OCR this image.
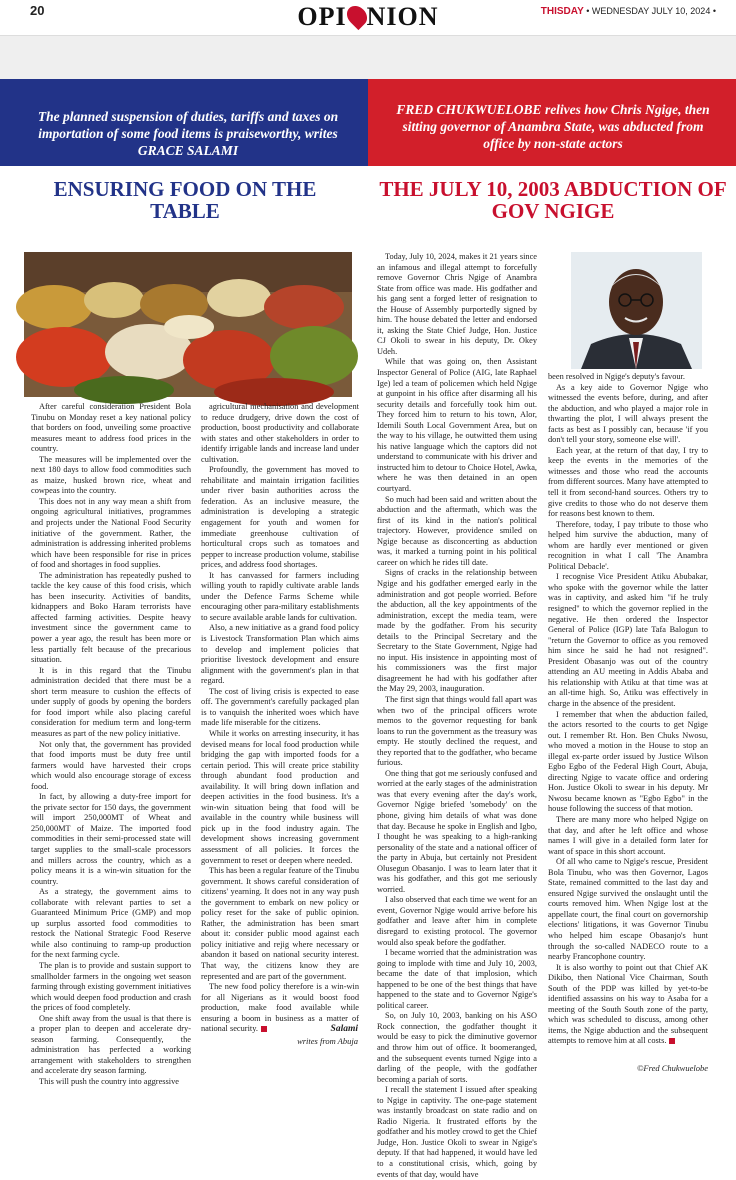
20	OPI NION	THISDAY • WEDNESDAY JULY 10, 2024 •
The planned suspension of duties, tariffs and taxes on importation of some food items is praiseworthy, writes GRACE SALAMI
FRED CHUKWUELOBE relives how Chris Ngige, then sitting governor of Anambra State, was abducted from office by non-state actors
ENSURING FOOD ON THE TABLE
THE JULY 10, 2003 ABDUCTION OF GOV NGIGE

After careful consideration President Bola Tinubu on Monday reset a key national policy that borders on food, unveiling some proactive measures meant to address food prices in the country.

The measures will be implemented over the next 180 days to allow food commodities such as maize, husked brown rice, wheat and cowpeas into the country.

This does not in any way mean a shift from ongoing agricultural initiatives, programmes and projects under the National Food Security initiative of the government. Rather, the administration is addressing inherited problems which have been responsible for rise in prices of food and shortages in food supplies.

The administration has repeatedly pushed to tackle the key cause of this food crisis, which has been insecurity. Activities of bandits, kidnappers and Boko Haram terrorists have affected farming activities. Despite heavy investment since the government came to power a year ago, the result has been more or less partially felt because of the precarious situation.

It is in this regard that the Tinubu administration decided that there must be a short term measure to cushion the effects of under supply of goods by opening the borders for food import while also placing careful consideration for medium term and long-term measures as part of the new policy initiative.

Not only that, the government has provided that food imports must be duty free until farmers would have harvested their crops which would also encourage storage of excess food.

In fact, by allowing a duty-free import for the private sector for 150 days, the government will import 250,000MT of Wheat and 250,000MT of Maize. The imported food commodities in their semi-processed state will target supplies to the small-scale processors and millers across the country, which as a policy means it is a win-win situation for the country.

As a strategy, the government aims to collaborate with relevant parties to set a Guaranteed Minimum Price (GMP) and mop up surplus assorted food commodities to restock the National Strategic Food Reserve while also continuing to ramp-up production for the next farming cycle.

The plan is to provide and sustain support to smallholder farmers in the ongoing wet season farming through existing government initiatives which would deepen food production and crash the prices of food completely.

One shift away from the usual is that there is a proper plan to deepen and accelerate dry-season farming. Consequently, the administration has perfected a working arrangement with stakeholders to strengthen and accelerate dry season farming.

This will push the country into aggressive

agricultural mechanisation and development to reduce drudgery, drive down the cost of production, boost productivity and collaborate with states and other stakeholders in order to identify irrigable lands and increase land under cultivation.

Profoundly, the government has moved to rehabilitate and maintain irrigation facilities under river basin authorities across the federation. As an inclusive measure, the administration is developing a strategic engagement for youth and women for immediate greenhouse cultivation of horticultural crops such as tomatoes and pepper to increase production volume, stabilise prices, and address food shortages.

It has canvassed for farmers including willing youth to rapidly cultivate arable lands under the Defence Farms Scheme while encouraging other para-military establishments to secure available arable lands for cultivation.

Also, a new initiative as a grand food policy is Livestock Transformation Plan which aims to develop and implement policies that prioritise livestock development and ensure alignment with the government's plan in that regard.

The cost of living crisis is expected to ease off. The government's carefully packaged plan is to vanquish the inherited woes which have made life miserable for the citizens.

While it works on arresting insecurity, it has devised means for local food production while bridging the gap with imported foods for a certain period. This will create price stability through abundant food production and availability. It will bring down inflation and deepen activities in the food business. It's a win-win situation being that food will be available in the country while business will pick up in the food industry again. The development shows increasing government assessment of all policies. It forces the government to reset or deepen where needed.

This has been a regular feature of the Tinubu government. It shows careful consideration of citizens' yearning. It does not in any way push the government to embark on new policy or policy reset for the sake of public opinion. Rather, the administration has been smart about it: consider public mood against each policy initiative and rejig where necessary or abandon it based on national security interest. That way, the citizens know they are represented and are part of the government.

The new food policy therefore is a win-win for all Nigerians as it would boost food production, make food available while ensuring a boom in business as a matter of national security.	Salami
writes from Abuja

Today, July 10, 2024, makes it 21 years since an infamous and illegal attempt to forcefully remove Governor Chris Ngige of Anambra State from office was made. His godfather and his gang sent a forged letter of resignation to the House of Assembly purportedly signed by him. The house debated the letter and endorsed it, asking the State Chief Judge, Hon. Justice CJ Okoli to swear in his deputy, Dr. Okey Udeh.

While that was going on, then Assistant Inspector General of Police (AIG, late Raphael Ige) led a team of policemen which held Ngige at gunpoint in his office after disarming all his security details and forcefully took him out. They forced him to return to his town, Alor, Idemili South Local Government Area, but on the way to his village, he outwitted them using his native language which the captors did not understand to communicate with his driver and instructed him to detour to Choice Hotel, Awka, where he was then detained in an open courtyard.

So much had been said and written about the abduction and the aftermath, which was the first of its kind in the nation's political trajectory. However, providence smiled on Ngige because as disconcerting as abduction was, it marked a turning point in his political career on which he rides till date.

Signs of cracks in the relationship between Ngige and his godfather emerged early in the administration and got people worried. Before the abduction, all the key appointments of the administration, except the media team, were made by the godfather. From his security details to the Principal Secretary and the Secretary to the State Government, Ngige had no input. His insistence in appointing most of his commissioners was the first major disagreement he had with his godfather after the May 29, 2003, inauguration.

The first sign that things would fall apart was when two of the principal officers wrote memos to the governor requesting for bank loans to run the government as the treasury was empty. He stoutly declined the request, and they reported that to the godfather, who became furious.

One thing that got me seriously confused and worried at the early stages of the administration was that every evening after the day's work, Governor Ngige briefed 'somebody' on the phone, giving him details of what was done that day. Because he spoke in English and Igbo, I thought he was speaking to a high-ranking personality of the state and a national officer of the party in Abuja, but certainly not President Olusegun Obasanjo. I was to learn later that it was his godfather, and this got me seriously worried.

I also observed that each time we went for an event, Governor Ngige would arrive before his godfather and leave after him in complete disregard to existing protocol. The governor would also speak before the godfather.

I became worried that the administration was going to implode with time and July 10, 2003, became the date of that implosion, which happened to be one of the best things that have happened to the state and to Governor Ngige's political career.

So, on July 10, 2003, banking on his ASO Rock connection, the godfather thought it would be easy to pick the diminutive governor and throw him out of office. It boomeranged, and the subsequent events turned Ngige into a darling of the people, with the godfather becoming a pariah of sorts.

I recall the statement I issued after speaking to Ngige in captivity. The one-page statement was instantly broadcast on state radio and on Radio Nigeria. It frustrated efforts by the godfather and his motley crowd to get the Chief Judge, Hon. Justice Okoli to swear in Ngige's deputy. If that had happened, it would have led to a constitutional crisis, which, going by events of that day, would have

been resolved in Ngige's deputy's favour.

As a key aide to Governor Ngige who witnessed the events before, during, and after the abduction, and who played a major role in thwarting the plot, I will always present the facts as best as I possibly can, because 'if you don't tell your story, someone else will'.

Each year, at the return of that day, I try to keep the events in the memories of the witnesses and those who read the accounts from different sources. Many have attempted to tell it from second-hand sources. Others try to give credits to those who do not deserve them for reasons best known to them.

Therefore, today, I pay tribute to those who helped him survive the abduction, many of whom are hardly ever mentioned or given recognition in what I call 'The Anambra Political Debacle'.

I recognise Vice President Atiku Abubakar, who spoke with the governor while the latter was in captivity, and asked him "if he truly resigned" to which the governor replied in the negative. He then ordered the Inspector General of Police (IGP) late Tafa Balogun to "return the Governor to office as you removed him since he said he had not resigned". President Obasanjo was out of the country attending an AU meeting in Addis Ababa and his relationship with Atiku at that time was at an all-time high. So, Atiku was effectively in charge in the absence of the president.

I remember that when the abduction failed, the actors resorted to the courts to get Ngige out. I remember Rt. Hon. Ben Chuks Nwosu, who moved a motion in the House to stop an illegal ex-parte order issued by Justice Wilson Egbo Egbo of the Federal High Court, Abuja, directing Ngige to vacate office and ordering Hon. Justice Okoli to swear in his deputy. Mr Nwosu became known as "Egbo Egbo" in the house following the success of that motion.

There are many more who helped Ngige on that day, and after he left office and whose names I will give in a detailed form later for want of space in this short account.

Of all who came to Ngige's rescue, President Bola Tinubu, who was then Governor, Lagos State, remained committed to the last day and ensured Ngige survived the onslaught until the courts removed him. When Ngige lost at the appellate court, the final court on governorship elections' litigations, it was Governor Tinubu who helped him escape Obasanjo's hunt through the so-called NADECO route to a nearby Francophone country.

It is also worthy to point out that Chief AK Dikibo, then National Vice Chairman, South South of the PDP was killed by yet-to-be identified assassins on his way to Asaba for a meeting of the South South zone of the party, which was scheduled to discuss, among other items, the Ngige abduction and the subsequent attempts to remove him at all costs.

©Fred Chukwuelobe
